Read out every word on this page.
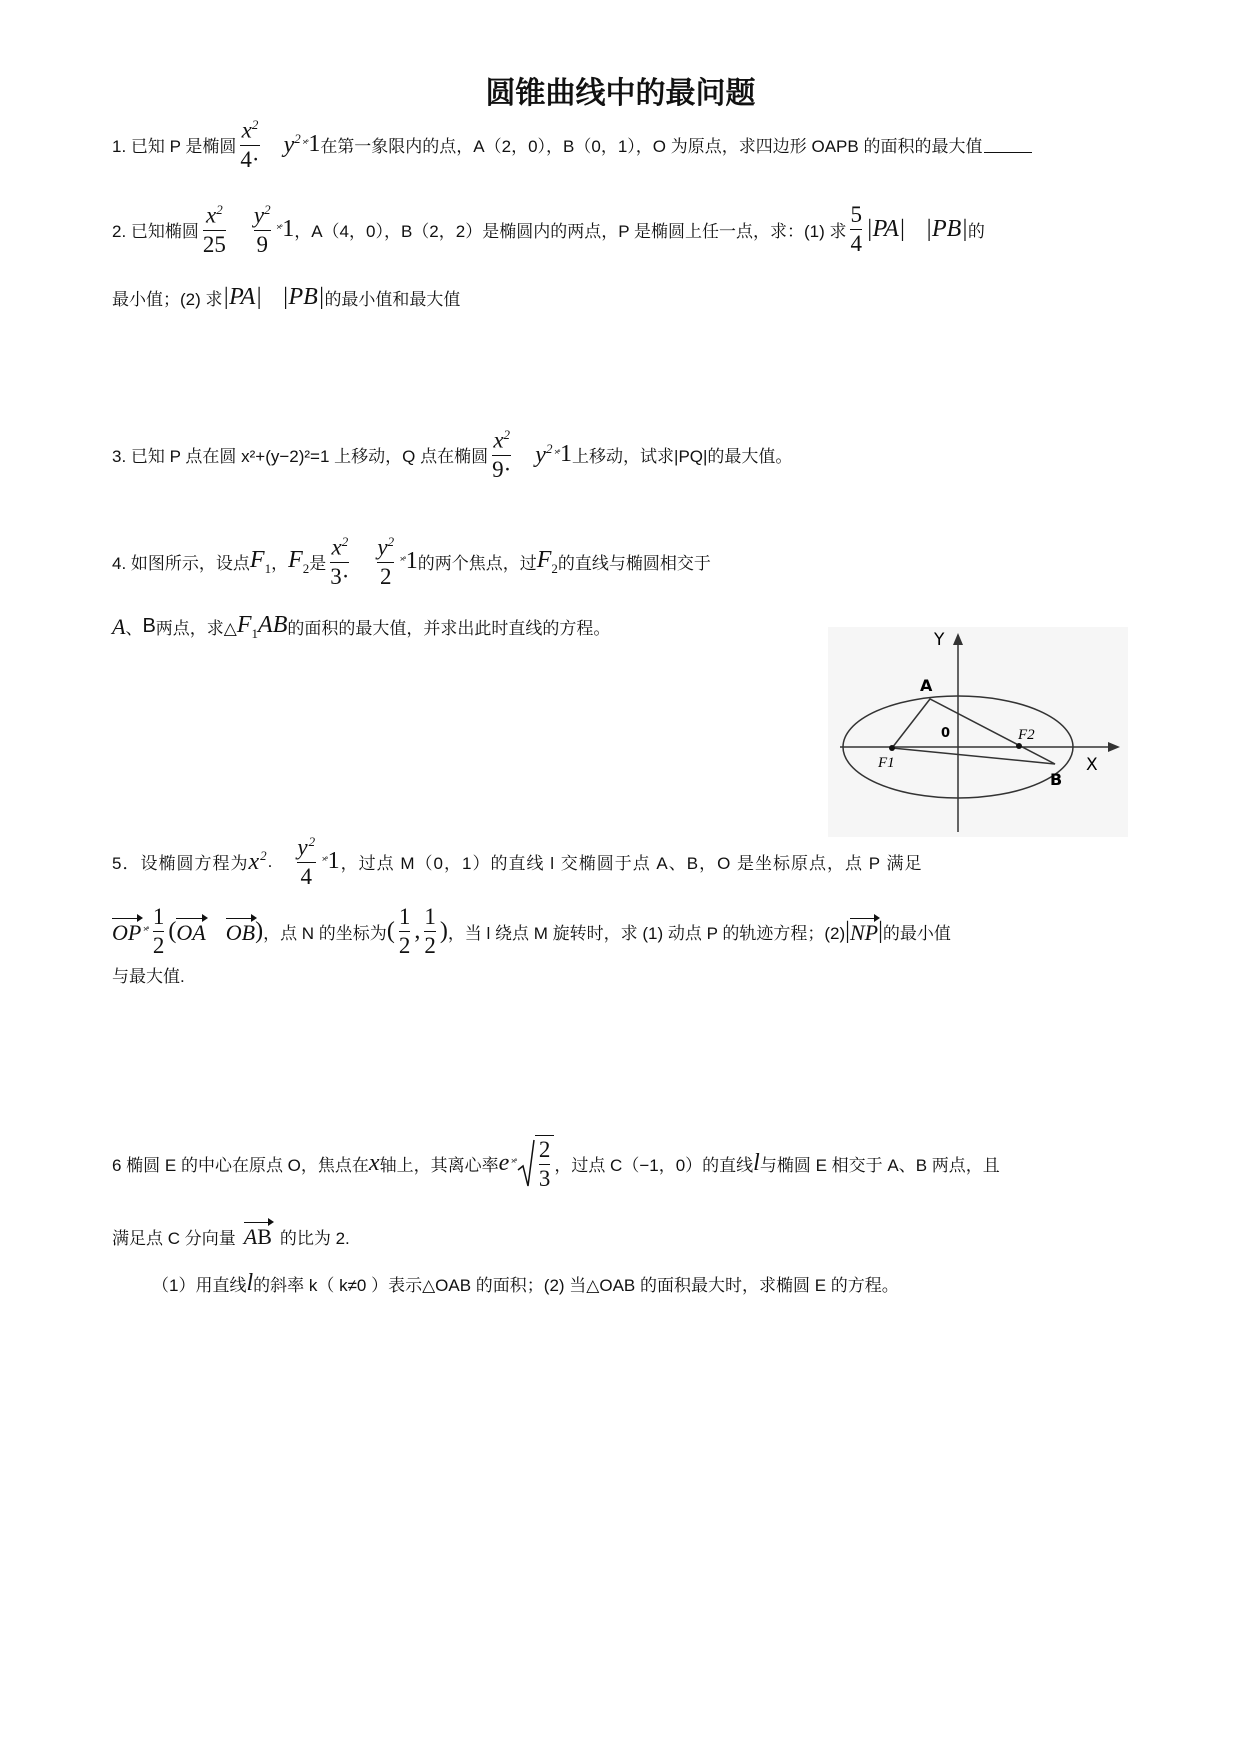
圆锥曲线中的最问题
1. 已知 P 是椭圆 $\frac{x^2}{4\cdot} y^2$ ˟̊ 1 在第一象限内的点，A（2，0），B（0，1），O 为原点，求四边形 OAPB 的面积的最大值
2. 已知椭圆 $\frac{x^2}{25} \frac{y^2}{9}$ ˟̊ 1 ，A（4，0），B（2，2）是椭圆内的两点，P 是椭圆上任一点，求：(1) 求 $\frac{5}{4} |PA|$ |PB| 的
最小值；(2) 求 |PA| |PB| 的最小值和最大值
3. 已知 P 点在圆 x²+(y−2)²=1 上移动，Q 点在椭圆 $\frac{x^2}{9\cdot} y^2$ ˟̊ 1 上移动，试求|PQ|的最大值。
4. 如图所示，设点 $F_1$ ， $F_2$ 是 $\frac{x^2}{3\cdot} \frac{y^2}{2}$ ˟̊ 1 的两个焦点，过 $F_2$ 的直线与椭圆相交于
A 、 B 两点，求△ $F_1AB$ 的面积的最大值，并求出此时直线的方程。
Y
X
0
A
B
F1
F2
5．设椭圆方程为 $x^2$ . $\frac{y^2}{4}$ ˟̊ 1 ，过点 M（0，1）的直线 l 交椭圆于点 A、B，O 是坐标原点，点 P 满足
OP ˟̊ $\frac{1}{2}$ ( OA OB ) ，点 N 的坐标为 ( $\frac{1}{2}$ , $\frac{1}{2}$ ) ，当 l 绕点 M 旋转时，求 (1) 动点 P 的轨迹方程；(2) | NP | 的最小值
与最大值.
6 椭圆 E 的中心在原点 O，焦点在 x 轴上，其离心率 e ˟̊ $\frac{2}{3}$ ，过点 C（−1，0）的直线 l 与椭圆 E 相交于 A、B 两点，且
满足点 C 分向量 AB 的比为 2.
（1）用直线 l 的斜率 k（ k≠0 ）表示△OAB 的面积；(2) 当△OAB 的面积最大时，求椭圆 E 的方程。
